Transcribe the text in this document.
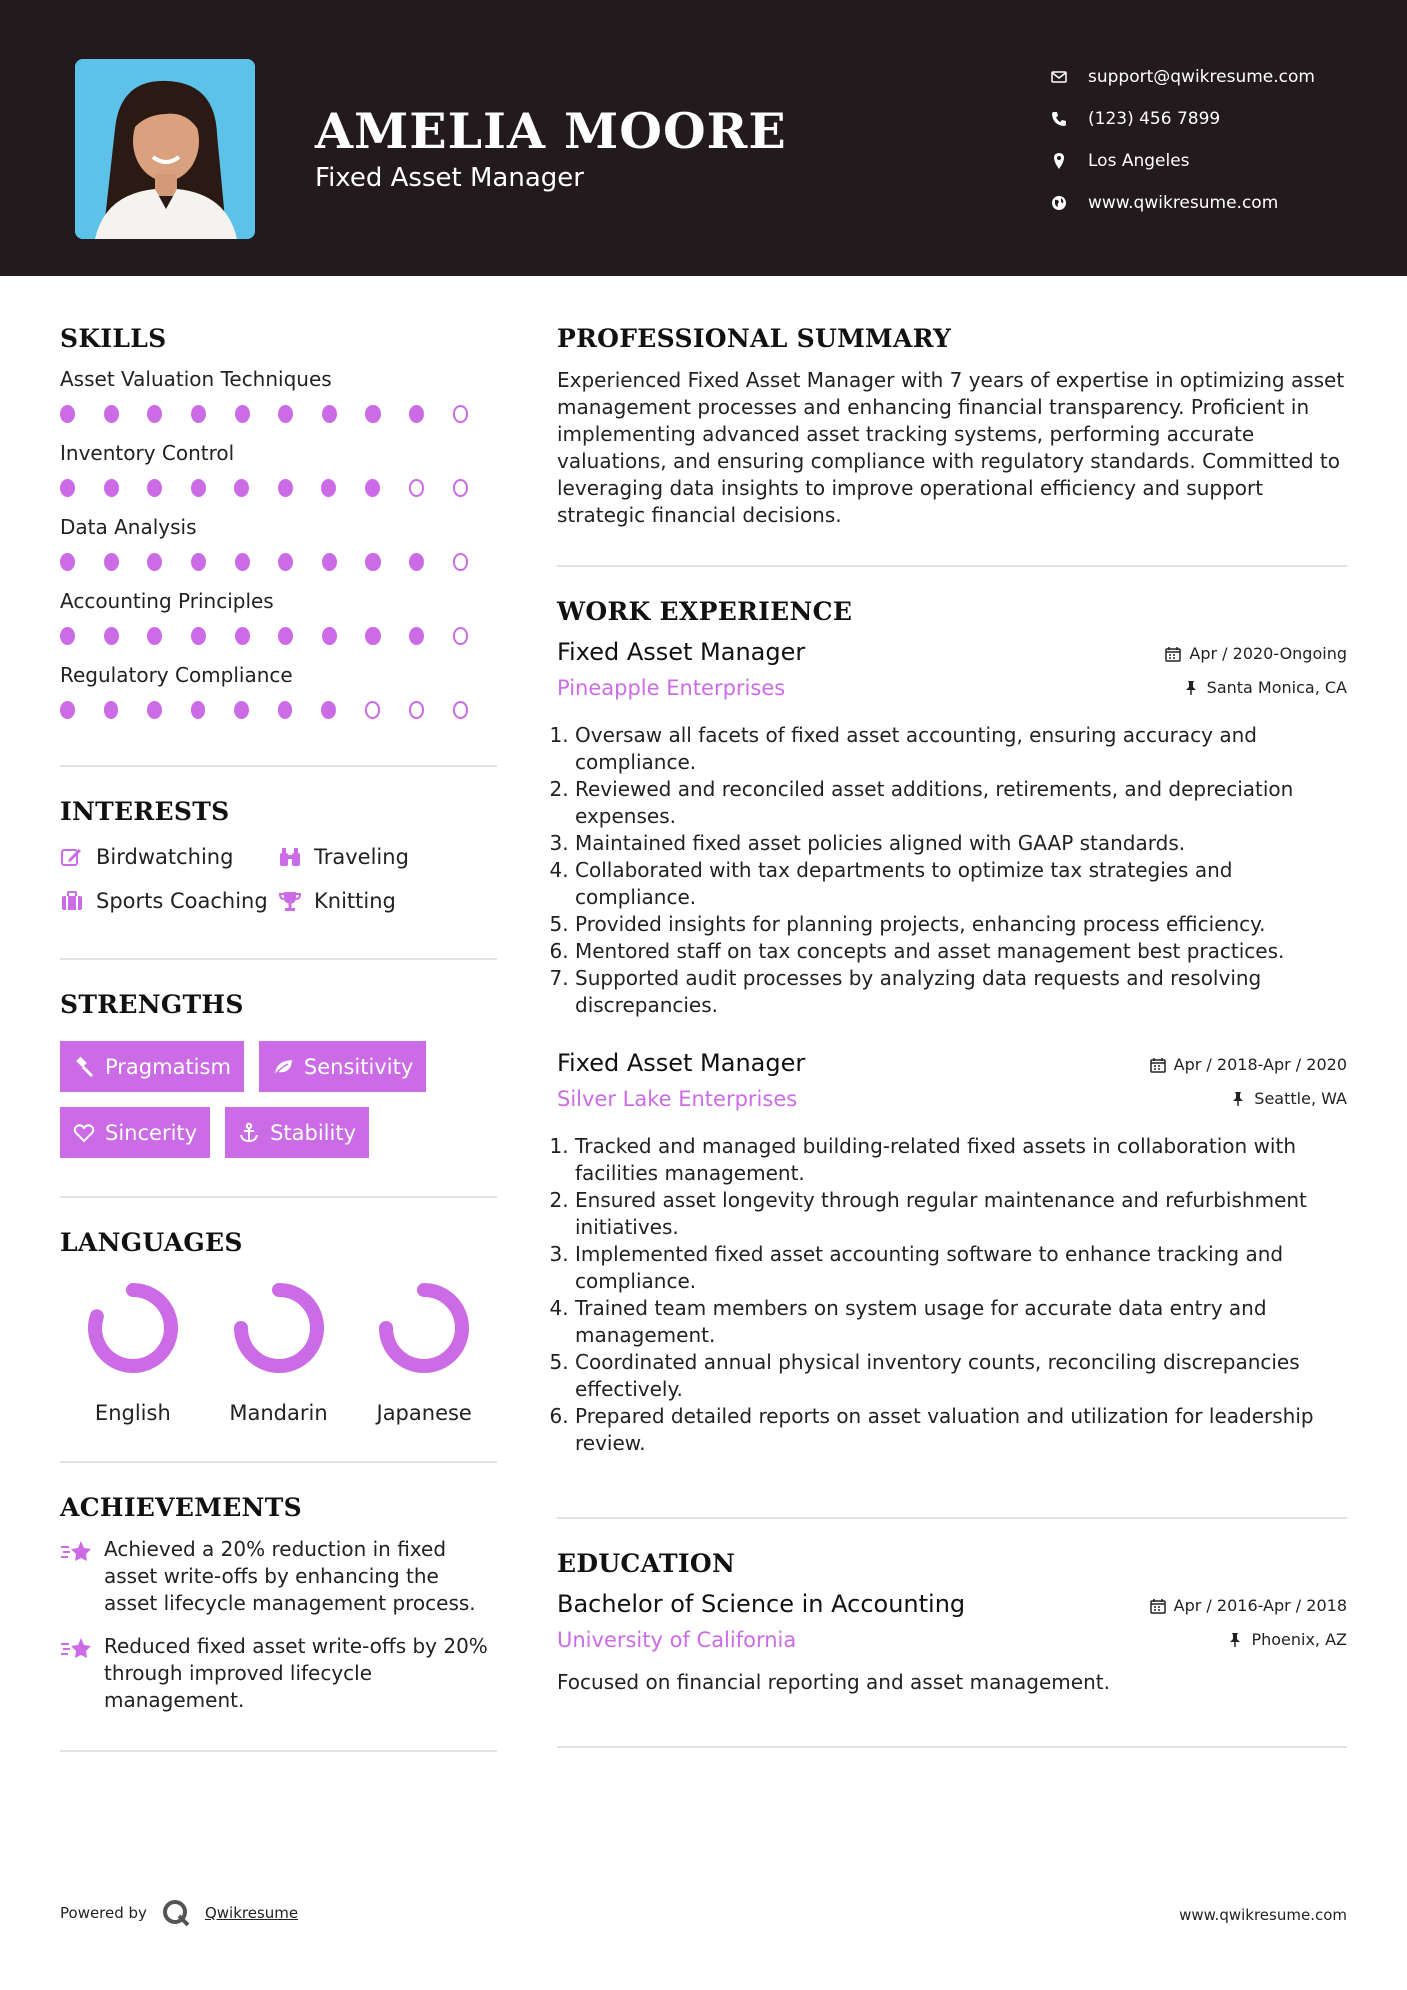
AMELIA MOORE
Fixed Asset Manager
support@qwikresume.com
(123) 456 7899
Los Angeles
www.qwikresume.com
SKILLS
Asset Valuation Techniques
Inventory Control
Data Analysis
Accounting Principles
Regulatory Compliance
INTERESTS
Birdwatching	Traveling
Sports Coaching Knitting
STRENGTHS
Pragmatism	Sensitivity
Sincerity	Stability
LANGUAGES
English	Mandarin Japanese
ACHIEVEMENTS
Achieved a 20% reduction in fixed asset write-offs by enhancing the asset lifecycle management process.
Reduced fixed asset write-offs by 20% through improved lifecycle management.
PROFESSIONAL SUMMARY

Experienced Fixed Asset Manager with 7 years of expertise in optimizing asset management processes and enhancing financial transparency. Proficient in implementing advanced asset tracking systems, performing accurate valuations, and ensuring compliance with regulatory standards. Committed to leveraging data insights to improve operational efficiency and support strategic financial decisions.

WORK EXPERIENCE
Fixed Asset Manager	Apr / 2020-Ongoing
Pineapple Enterprises	Santa Monica, CA
1. Oversaw all facets of fixed asset accounting, ensuring accuracy and compliance.
2. Reviewed and reconciled asset additions, retirements, and depreciation expenses.
3. Maintained fixed asset policies aligned with GAAP standards.
4. Collaborated with tax departments to optimize tax strategies and compliance.
5. Provided insights for planning projects, enhancing process efficiency.
6. Mentored staff on tax concepts and asset management best practices.
7. Supported audit processes by analyzing data requests and resolving discrepancies.
Fixed Asset Manager	Apr / 2018-Apr / 2020
Silver Lake Enterprises	Seattle, WA
1. Tracked and managed building-related fixed assets in collaboration with facilities management.
2. Ensured asset longevity through regular maintenance and refurbishment initiatives.
3. Implemented fixed asset accounting software to enhance tracking and compliance.
4. Trained team members on system usage for accurate data entry and management.
5. Coordinated annual physical inventory counts, reconciling discrepancies effectively.
6. Prepared detailed reports on asset valuation and utilization for leadership review.
EDUCATION
Bachelor of Science in Accounting	Apr / 2016-Apr / 2018
University of California	Phoenix, AZ

Focused on financial reporting and asset management.

Powered by	Qwikresume	www.qwikresume.com
